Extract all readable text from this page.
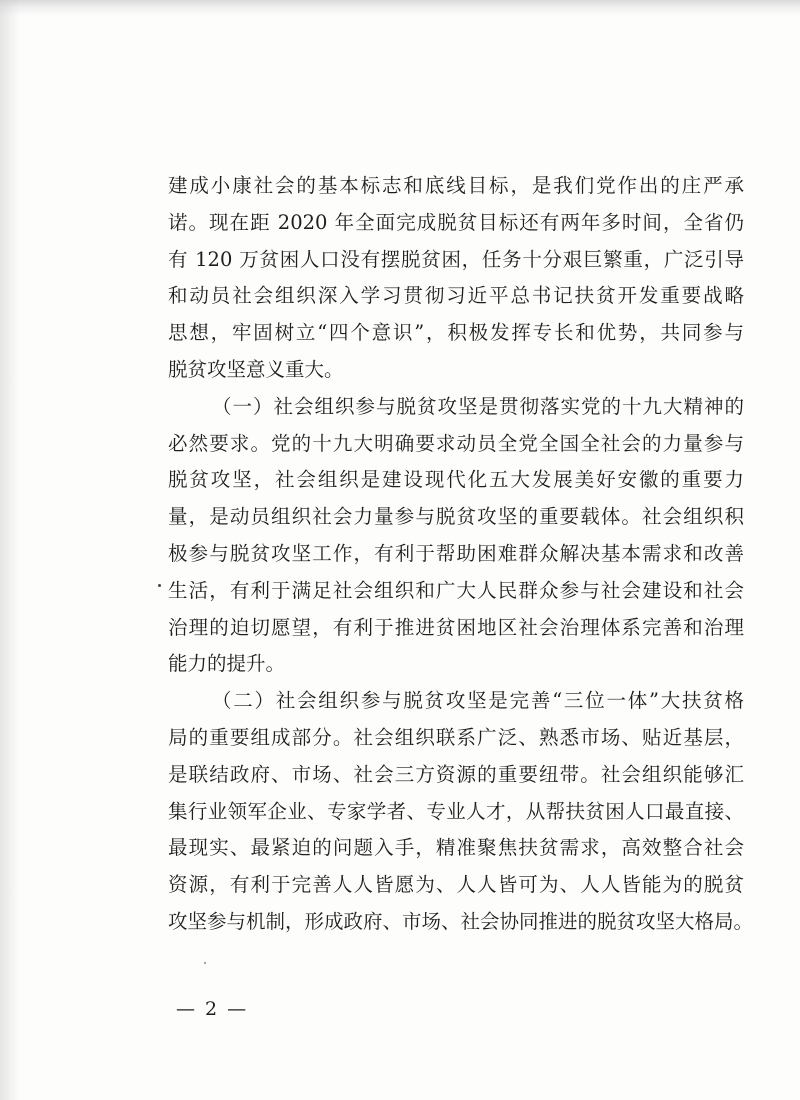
建成小康社会的基本标志和底线目标，是我们党作出的庄严承
诺。现在距 2020 年全面完成脱贫目标还有两年多时间，全省仍
有 120 万贫困人口没有摆脱贫困，任务十分艰巨繁重，广泛引导
和动员社会组织深入学习贯彻习近平总书记扶贫开发重要战略
思想，牢固树立“四个意识”，积极发挥专长和优势，共同参与
脱贫攻坚意义重大。
（一）社会组织参与脱贫攻坚是贯彻落实党的十九大精神的
必然要求。党的十九大明确要求动员全党全国全社会的力量参与
脱贫攻坚，社会组织是建设现代化五大发展美好安徽的重要力
量，是动员组织社会力量参与脱贫攻坚的重要载体。社会组织积
极参与脱贫攻坚工作，有利于帮助困难群众解决基本需求和改善
生活，有利于满足社会组织和广大人民群众参与社会建设和社会
治理的迫切愿望，有利于推进贫困地区社会治理体系完善和治理
能力的提升。
（二）社会组织参与脱贫攻坚是完善“三位一体”大扶贫格
局的重要组成部分。社会组织联系广泛、熟悉市场、贴近基层，
是联结政府、市场、社会三方资源的重要纽带。社会组织能够汇
集行业领军企业、专家学者、专业人才，从帮扶贫困人口最直接、
最现实、最紧迫的问题入手，精准聚焦扶贫需求，高效整合社会
资源，有利于完善人人皆愿为、人人皆可为、人人皆能为的脱贫
攻坚参与机制，形成政府、市场、社会协同推进的脱贫攻坚大格局。
— 2 —
